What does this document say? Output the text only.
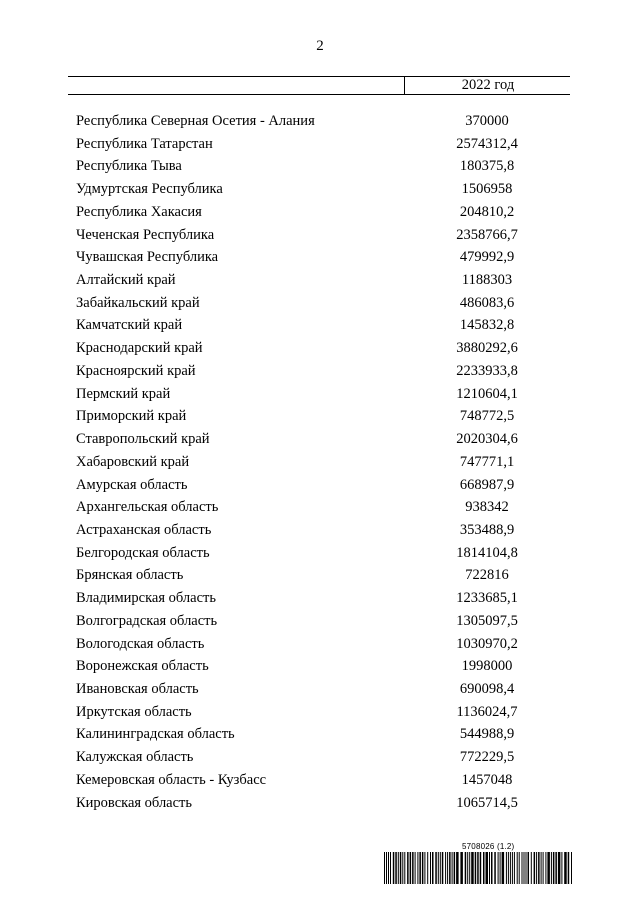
2
2022 год
Республика Северная Осетия - Алания	370000
Республика Татарстан	2574312,4
Республика Тыва	180375,8
Удмуртская Республика	1506958
Республика Хакасия	204810,2
Чеченская Республика	2358766,7
Чувашская Республика	479992,9
Алтайский край	1188303
Забайкальский край	486083,6
Камчатский край	145832,8
Краснодарский край	3880292,6
Красноярский край	2233933,8
Пермский край	1210604,1
Приморский край	748772,5
Ставропольский край	2020304,6
Хабаровский край	747771,1
Амурская область	668987,9
Архангельская область	938342
Астраханская область	353488,9
Белгородская область	1814104,8
Брянская область	722816
Владимирская область	1233685,1
Волгоградская область	1305097,5
Вологодская область	1030970,2
Воронежская область	1998000
Ивановская область	690098,4
Иркутская область	1136024,7
Калининградская область	544988,9
Калужская область	772229,5
Кемеровская область - Кузбасс	1457048
Кировская область	1065714,5
5708026 (1.2)
